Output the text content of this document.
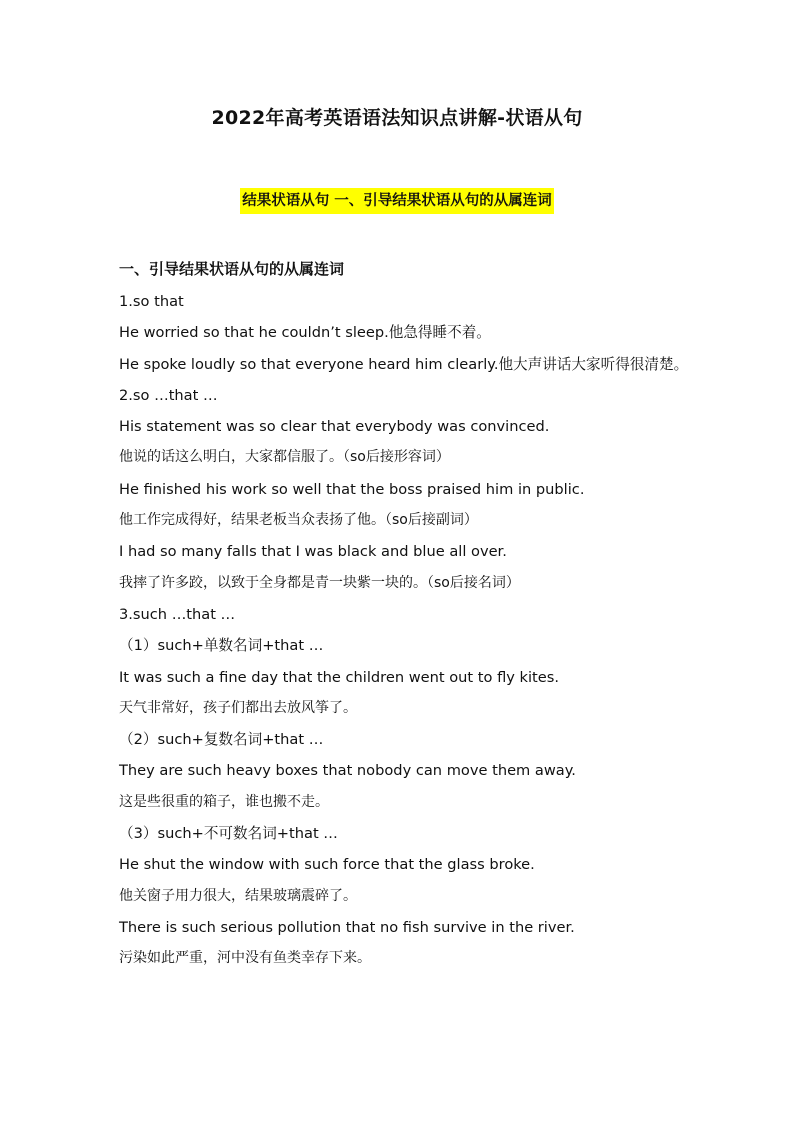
2022年高考英语语法知识点讲解-状语从句
结果状语从句 一、引导结果状语从句的从属连词
一、引导结果状语从句的从属连词
1.so that
He worried so that he couldn’t sleep.他急得睡不着。
He spoke loudly so that everyone heard him clearly.他大声讲话大家听得很清楚。
2.so …that …
His statement was so clear that everybody was convinced.
他说的话这么明白，大家都信服了。（so后接形容词）
He finished his work so well that the boss praised him in public.
他工作完成得好，结果老板当众表扬了他。（so后接副词）
I had so many falls that I was black and blue all over.
我摔了许多跤，以致于全身都是青一块紫一块的。（so后接名词）
3.such …that …
（1）such+单数名词+that …
It was such a fine day that the children went out to fly kites.
天气非常好，孩子们都出去放风筝了。
（2）such+复数名词+that …
They are such heavy boxes that nobody can move them away.
这是些很重的箱子，谁也搬不走。
（3）such+不可数名词+that …
He shut the window with such force that the glass broke.
他关窗子用力很大，结果玻璃震碎了。
There is such serious pollution that no fish survive in the river.
污染如此严重，河中没有鱼类幸存下来。
